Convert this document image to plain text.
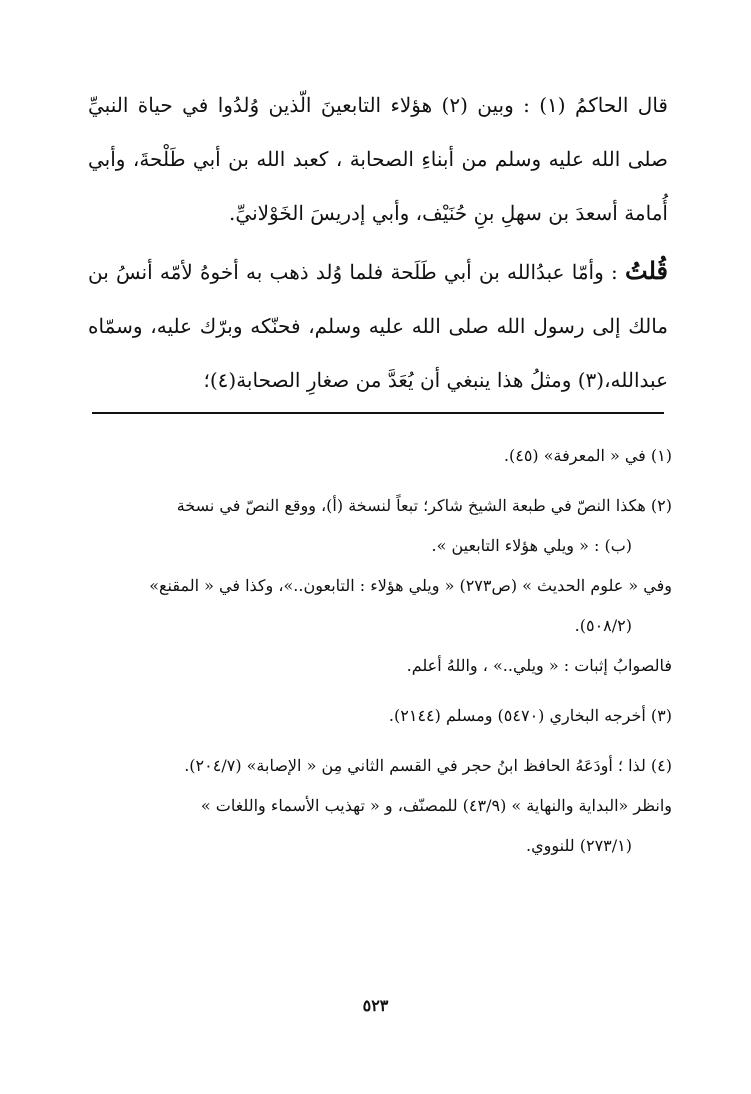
قال الحاكمُ (١) : وبين (٢) هؤلاء التابعينَ الّذين وُلدُوا في حياة النبيِّ صلى الله عليه وسلم من أبناءِ الصحابة ، كعبد الله بن أبي طَلْحةَ، وأبي أُمامة أسعدَ بن سهلِ بنِ حُنَيْف، وأبي إدريسَ الخَوْلانيِّ.

قُلتُ : وأمّا عبدُالله بن أبي طَلَحة فلما وُلد ذهب به أخوهُ لأمّه أنسُ بن مالك إلى رسول الله صلى الله عليه وسلم، فحنّكه وبرّك عليه، وسمّاه عبدالله،(٣) ومثلُ هذا ينبغي أن يُعَدَّ من صغارِ الصحابة(٤)؛

(١) في « المعرفة» (٤٥).
(٢) هكذا النصّ في طبعة الشيخ شاكر؛ تبعاً لنسخة (أ)، ووقع النصّ في نسخة
(ب) : « ويلي هؤلاء التابعين ».
وفي « علوم الحديث » (ص٢٧٣) « ويلي هؤلاء : التابعون..»، وكذا في « المقنع»
(٥٠٨/٢).
فالصوابُ إثبات : « ويلي..» ، واللهُ أعلم.
(٣) أخرجه البخاري (٥٤٧٠) ومسلم (٢١٤٤).
(٤) لذا ؛ أودَعَهُ الحافظ ابنُ حجر في القسم الثاني مِن « الإصابة» (٢٠٤/٧).
وانظر «البداية والنهاية » (٤٣/٩) للمصنّف، و « تهذيب الأسماء واللغات »
(٢٧٣/١) للنووي.
٥٢٣
